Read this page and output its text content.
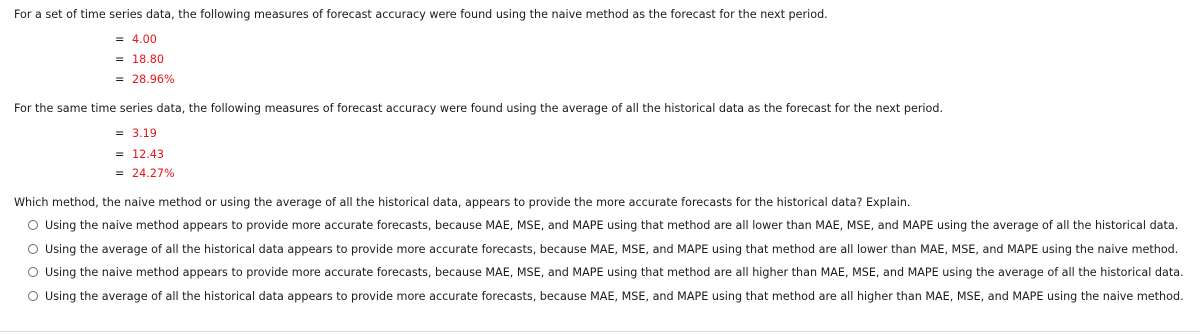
For a set of time series data, the following measures of forecast accuracy were found using the naive method as the forecast for the next period.

= 4.00
= 18.80
= 28.96%

For the same time series data, the following measures of forecast accuracy were found using the average of all the historical data as the forecast for the next period.

= 3.19
= 12.43
= 24.27%

Which method, the naive method or using the average of all the historical data, appears to provide the more accurate forecasts for the historical data? Explain.

Using the naive method appears to provide more accurate forecasts, because MAE, MSE, and MAPE using that method are all lower than MAE, MSE, and MAPE using the average of all the historical data.
Using the average of all the historical data appears to provide more accurate forecasts, because MAE, MSE, and MAPE using that method are all lower than MAE, MSE, and MAPE using the naive method.
Using the naive method appears to provide more accurate forecasts, because MAE, MSE, and MAPE using that method are all higher than MAE, MSE, and MAPE using the average of all the historical data.
Using the average of all the historical data appears to provide more accurate forecasts, because MAE, MSE, and MAPE using that method are all higher than MAE, MSE, and MAPE using the naive method.
